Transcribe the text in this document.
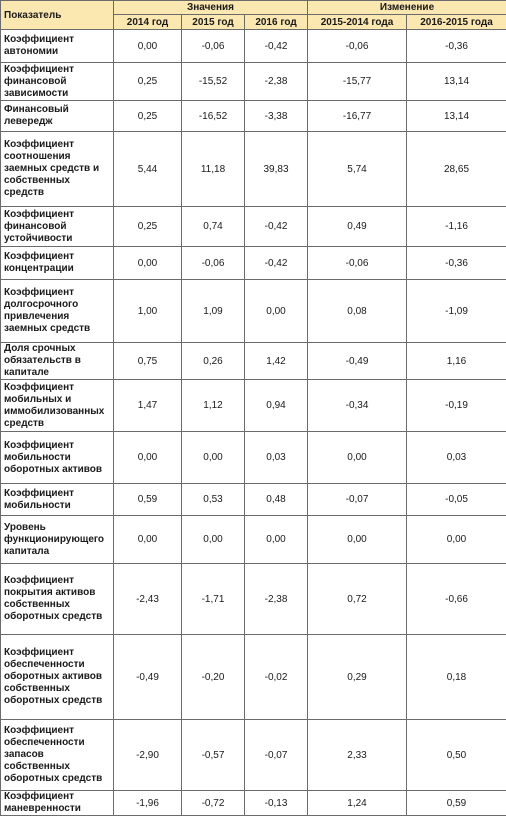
Показатель	Значения			Изменение	
	2014 год	2015 год	2016 год	2015-2014 года	2016-2015 года
Коэффициент автономии	0,00	-0,06	-0,42	-0,06	-0,36
Коэффициент финансовой зависимости	0,25	-15,52	-2,38	-15,77	13,14
Финансовый левередж	0,25	-16,52	-3,38	-16,77	13,14
Коэффициент соотношения заемных средств и собственных средств	5,44	11,18	39,83	5,74	28,65
Коэффициент финансовой устойчивости	0,25	0,74	-0,42	0,49	-1,16
Коэффициент концентрации	0,00	-0,06	-0,42	-0,06	-0,36
Коэффициент долгосрочного привлечения заемных средств	1,00	1,09	0,00	0,08	-1,09
Доля срочных обязательств в капитале	0,75	0,26	1,42	-0,49	1,16
Коэффициент мобильных и иммобилизованных средств	1,47	1,12	0,94	-0,34	-0,19
Коэффициент мобильности оборотных активов	0,00	0,00	0,03	0,00	0,03
Коэффициент мобильности	0,59	0,53	0,48	-0,07	-0,05
Уровень функционирующего капитала	0,00	0,00	0,00	0,00	0,00
Коэффициент покрытия активов собственных оборотных средств	-2,43	-1,71	-2,38	0,72	-0,66
Коэффициент обеспеченности оборотных активов собственных оборотных средств	-0,49	-0,20	-0,02	0,29	0,18
Коэффициент обеспеченности запасов собственных оборотных средств	-2,90	-0,57	-0,07	2,33	0,50
Коэффициент маневренности	-1,96	-0,72	-0,13	1,24	0,59
